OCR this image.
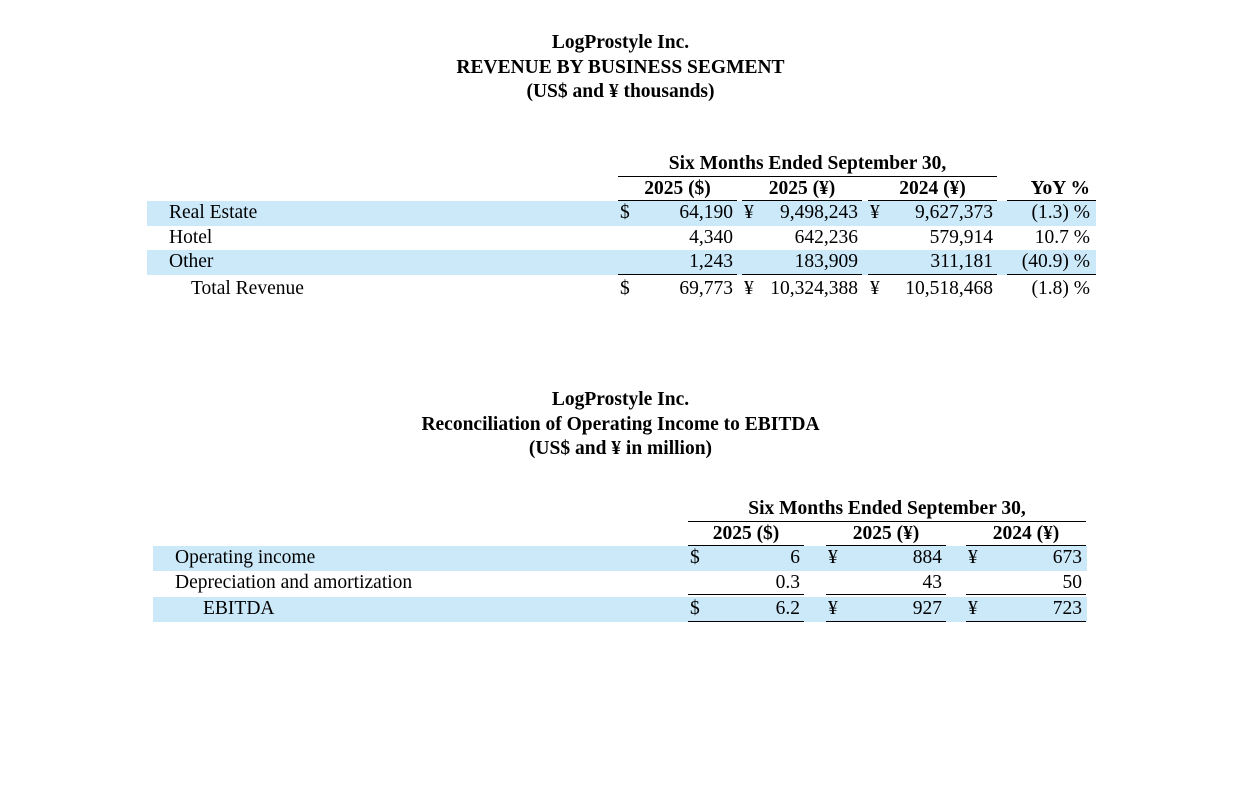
LogProstyle Inc.
REVENUE BY BUSINESS SEGMENT
(US$ and ¥ thousands)
Six Months Ended September 30,
2025 ($)	2025 (¥)	2024 (¥)	YoY %
Real Estate	$	64,190 ¥ 9,498,243 ¥ 9,627,373	(1.3) %
Hotel	4,340	642,236	579,914	10.7 %
Other	1,243	183,909	311,181	(40.9) %
Total Revenue	$	69,773 ¥ 10,324,388 ¥ 10,518,468	(1.8) %
LogProstyle Inc.
Reconciliation of Operating Income to EBITDA
(US$ and ¥ in million)
Six Months Ended September 30,
2025 ($)	2025 (¥)	2024 (¥)
Operating income	$	6 ¥	884 ¥	673
Depreciation and amortization	0.3	43	50
EBITDA	$	6.2 ¥	927 ¥	723
